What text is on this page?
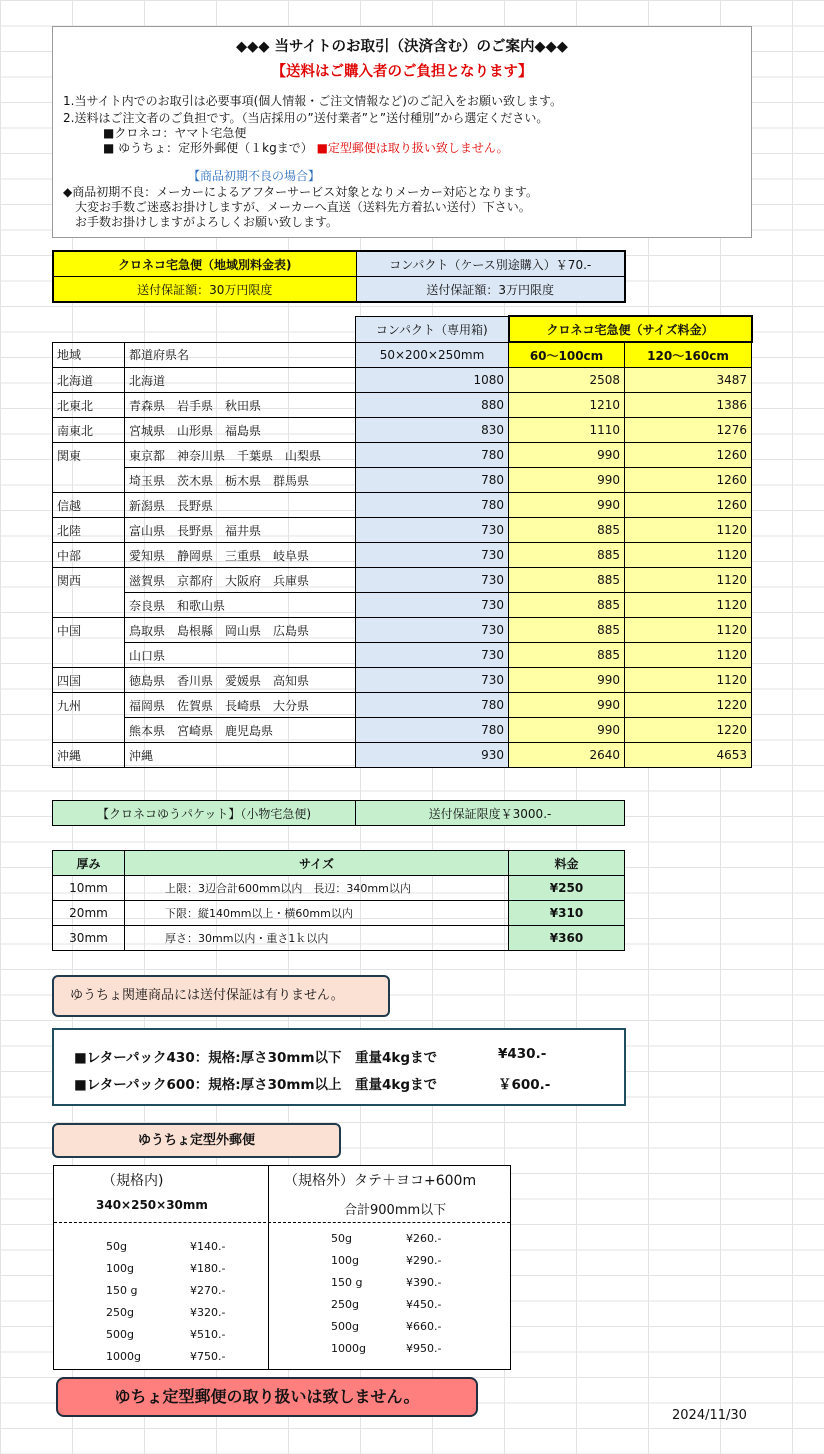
◆◆◆ 当サイトのお取引（決済含む）のご案内◆◆◆
【送料はご購入者のご負担となります】
1.当サイト内でのお取引は必要事項(個人情報・ご注文情報など)のご記入をお願い致します。
2.送料はご注文者のご負担です。（当店採用の”送付業者”と”送付種別”から選定ください。
■クロネコ：ヤマト宅急便
■ ゆうちょ：定形外郵便（１kgまで） ■定型郵便は取り扱い致しません。
【商品初期不良の場合】
◆商品初期不良：メーカーによるアフターサービス対象となりメーカー対応となります。
大変お手数ご迷惑お掛けしますが、メーカーへ直送（送料先方着払い送付）下さい。
お手数お掛けしますがよろしくお願い致します。
クロネコ宅急便（地域別料金表)	コンパクト（ケース別途購入）￥70.-
送付保証額：30万円限度	送付保証額：3万円限度
		コンパクト（専用箱)	クロネコ宅急便（サイズ料金）	
地域	都道府県名	50×200×250mm	60～100cm	120～160cm
北海道	北海道	1080	2508	3487
北東北	青森県　岩手県　秋田県	880	1210	1386
南東北	宮城県　山形県　福島県	830	1110	1276
関東	東京都　神奈川県　千葉県　山梨県	780	990	1260
	埼玉県　茨木県　栃木県　群馬県	780	990	1260
信越	新潟県　長野県	780	990	1260
北陸	富山県　長野県　福井県	730	885	1120
中部	愛知県　静岡県　三重県　岐阜県	730	885	1120
関西	滋賀県　京都府　大阪府　兵庫県	730	885	1120
	奈良県　和歌山県	730	885	1120
中国	鳥取県　島根縣　岡山県　広島県	730	885	1120
	山口県	730	885	1120
四国	徳島県　香川県　愛媛県　高知県	730	990	1120
九州	福岡県　佐賀県　長崎県　大分県	780	990	1220
	熊本県　宮崎県　鹿児島県	780	990	1220
沖縄	沖縄	930	2640	4653
【クロネコゆうパケット】（小物宅急便)	送付保証限度￥3000.-
厚み	サイズ	料金
10mm	上限：3辺合計600mm以内　長辺：340mm以内	¥250
20mm	下限：縦140mm以上・横60mm以内	¥310
30mm	厚さ：30mm以内・重さ1ｋ以内	¥360
ゆうちょ関連商品には送付保証は有りません。
■レターパック430：規格:厚さ30mm以下　重量4kgまで	¥430.-
■レターパック600：規格:厚さ30mm以上　重量4kgまで	￥600.-
ゆうちょ定型外郵便
（規格内)
340×250×30mm
（規格外）タテ＋ヨコ+600m
合計900mm以下
50g	¥140.-
100g	¥180.-
150 g	¥270.-
250g	¥320.-
500g	¥510.-
1000g	¥750.-
50g	¥260.-
100g	¥290.-
150 g	¥390.-
250g	¥450.-
500g	¥660.-
1000g	¥950.-
ゆちょ定型郵便の取り扱いは致しません。
2024/11/30
